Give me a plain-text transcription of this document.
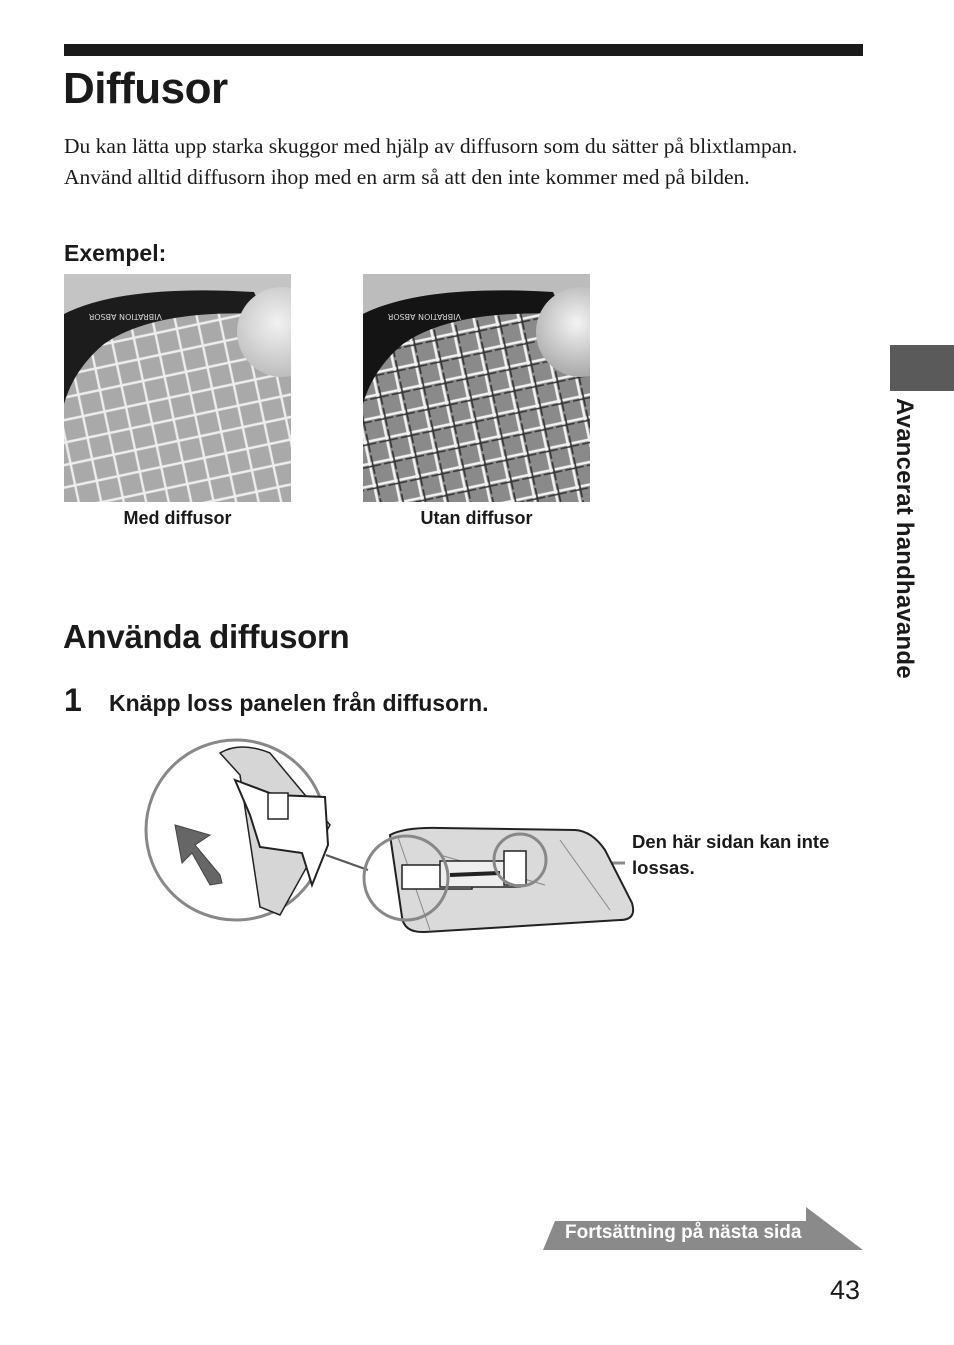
Diffusor

Du kan lätta upp starka skuggor med hjälp av diffusorn som du sätter på blixtlampan. Använd alltid diffusorn ihop med en arm så att den inte kommer med på bilden.

Exempel:
VIBRATION ABSOR
Med diffusor
VIBRATION ABSOR
Utan diffusor
Använda diffusorn
1 Knäpp loss panelen från diffusorn.
Den här sidan kan inte lossas.
Avancerat handhavande
Fortsättning på nästa sida
43
